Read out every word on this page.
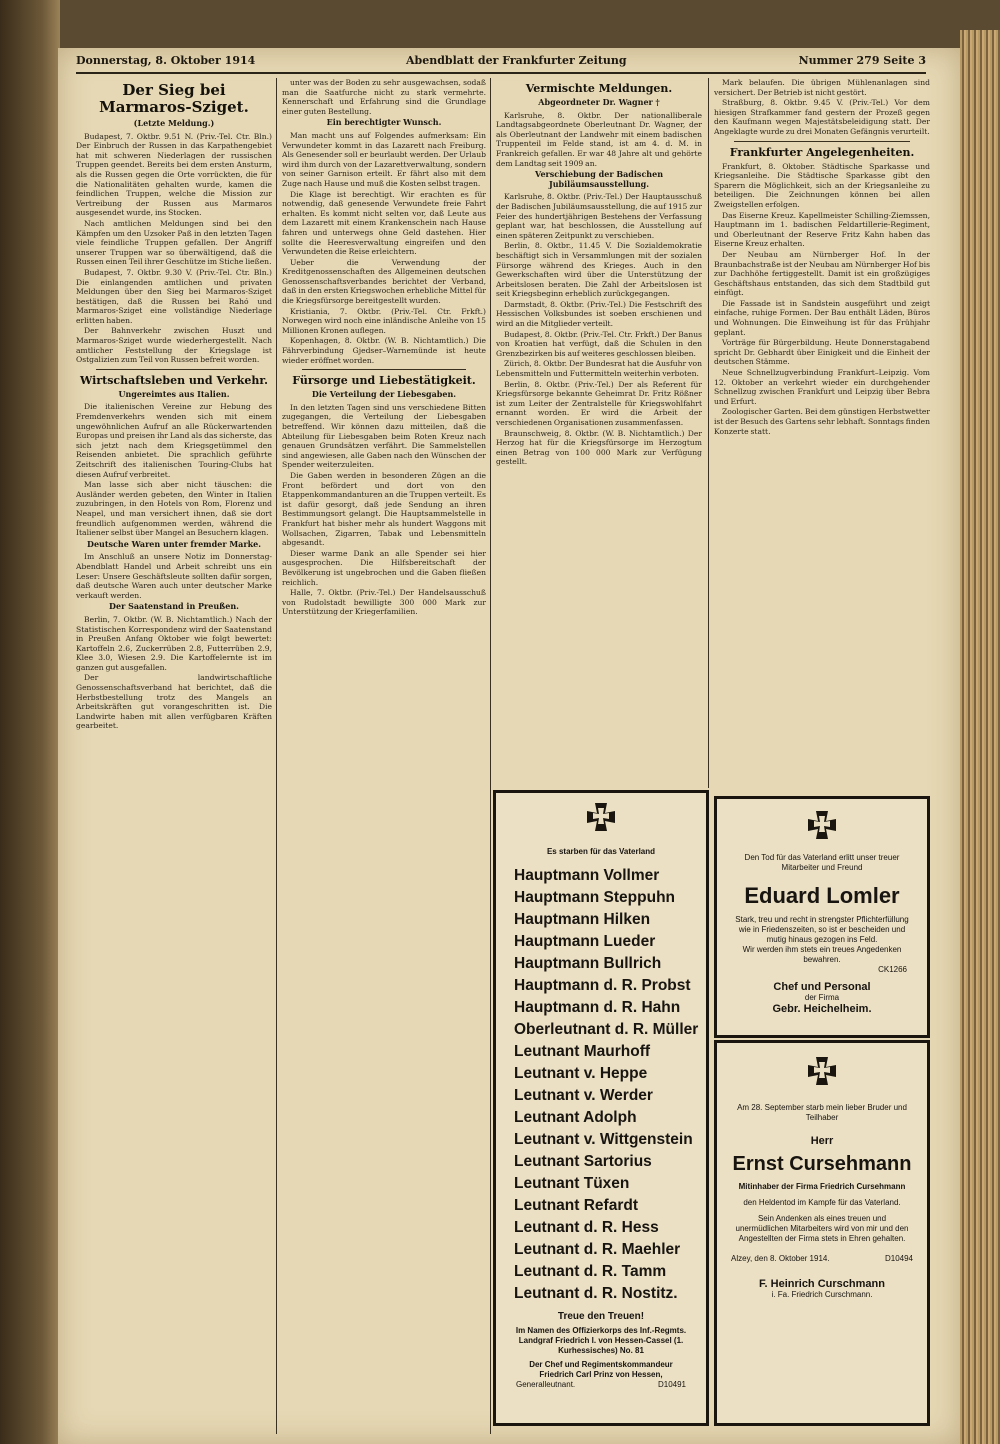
Donnerstag, 8. Oktober 1914	Abendblatt der Frankfurter Zeitung	Nummer 279 Seite 3
Der Sieg bei Marmaros-Sziget.
(Letzte Meldung.)

Budapest, 7. Oktbr. 9.51 N. (Priv.-Tel. Ctr. Bln.) Der Einbruch der Russen in das Karpathengebiet hat mit schweren Niederlagen der russischen Truppen geendet. Bereits bei dem ersten Ansturm, als die Russen gegen die Orte vorrückten, die für die Nationalitäten gehalten wurde, kamen die feindlichen Truppen, welche die Mission zur Vertreibung der Russen aus Marmaros ausgesendet wurde, ins Stocken.

Nach amtlichen Meldungen sind bei den Kämpfen um den Uzsoker Paß in den letzten Tagen viele feindliche Truppen gefallen. Der Angriff unserer Truppen war so überwältigend, daß die Russen einen Teil ihrer Geschütze im Stiche ließen.

Budapest, 7. Oktbr. 9.30 V. (Priv.-Tel. Ctr. Bln.) Die einlangenden amtlichen und privaten Meldungen über den Sieg bei Marmaros-Sziget bestätigen, daß die Russen bei Rahó und Marmaros-Sziget eine vollständige Niederlage erlitten haben.

Der Bahnverkehr zwischen Huszt und Marmaros-Sziget wurde wiederhergestellt. Nach amtlicher Feststellung der Kriegslage ist Ostgalizien zum Teil von Russen befreit worden.

Wirtschaftsleben und Verkehr.
Ungereimtes aus Italien.

Die italienischen Vereine zur Hebung des Fremdenverkehrs wenden sich mit einem ungewöhnlichen Aufruf an alle Rückerwartenden Europas und preisen ihr Land als das sicherste, das sich jetzt nach dem Kriegsgetümmel den Reisenden anbietet. Die sprachlich geführte Zeitschrift des italienischen Touring-Clubs hat diesen Aufruf verbreitet.

Man lasse sich aber nicht täuschen: die Ausländer werden gebeten, den Winter in Italien zuzubringen, in den Hotels von Rom, Florenz und Neapel, und man versichert ihnen, daß sie dort freundlich aufgenommen werden, während die Italiener selbst über Mangel an Besuchern klagen.

Deutsche Waren unter fremder Marke.

Im Anschluß an unsere Notiz im Donnerstag-Abendblatt Handel und Arbeit schreibt uns ein Leser: Unsere Geschäftsleute sollten dafür sorgen, daß deutsche Waren auch unter deutscher Marke verkauft werden.

Der Saatenstand in Preußen.

Berlin, 7. Oktbr. (W. B. Nichtamtlich.) Nach der Statistischen Korrespondenz wird der Saatenstand in Preußen Anfang Oktober wie folgt bewertet: Kartoffeln 2.6, Zuckerrüben 2.8, Futterrüben 2.9, Klee 3.0, Wiesen 2.9. Die Kartoffelernte ist im ganzen gut ausgefallen.

Der landwirtschaftliche Genossenschaftsverband hat berichtet, daß die Herbstbestellung trotz des Mangels an Arbeitskräften gut vorangeschritten ist. Die Landwirte haben mit allen verfügbaren Kräften gearbeitet.

unter was der Boden zu sehr ausgewachsen, sodaß man die Saatfurche nicht zu stark vermehrte. Kennerschaft und Erfahrung sind die Grundlage einer guten Bestellung.

Ein berechtigter Wunsch.

Man macht uns auf Folgendes aufmerksam: Ein Verwundeter kommt in das Lazarett nach Freiburg. Als Genesender soll er beurlaubt werden. Der Urlaub wird ihm durch von der Lazarettverwaltung, sondern von seiner Garnison erteilt. Er fährt also mit dem Zuge nach Hause und muß die Kosten selbst tragen.

Die Klage ist berechtigt. Wir erachten es für notwendig, daß genesende Verwundete freie Fahrt erhalten. Es kommt nicht selten vor, daß Leute aus dem Lazarett mit einem Krankenschein nach Hause fahren und unterwegs ohne Geld dastehen. Hier sollte die Heeresverwaltung eingreifen und den Verwundeten die Reise erleichtern.

Ueber die Verwendung der Kreditgenossenschaften des Allgemeinen deutschen Genossenschaftsverbandes berichtet der Verband, daß in den ersten Kriegswochen erhebliche Mittel für die Kriegsfürsorge bereitgestellt wurden.

Kristiania, 7. Oktbr. (Priv.-Tel. Ctr. Frkft.) Norwegen wird noch eine inländische Anleihe von 15 Millionen Kronen auflegen.

Kopenhagen, 8. Oktbr. (W. B. Nichtamtlich.) Die Fährverbindung Gjedser–Warnemünde ist heute wieder eröffnet worden.

Fürsorge und Liebestätigkeit.
Die Verteilung der Liebesgaben.

In den letzten Tagen sind uns verschiedene Bitten zugegangen, die Verteilung der Liebesgaben betreffend. Wir können dazu mitteilen, daß die Abteilung für Liebesgaben beim Roten Kreuz nach genauen Grundsätzen verfährt. Die Sammelstellen sind angewiesen, alle Gaben nach den Wünschen der Spender weiterzuleiten.

Die Gaben werden in besonderen Zügen an die Front befördert und dort von den Etappenkommandanturen an die Truppen verteilt. Es ist dafür gesorgt, daß jede Sendung an ihren Bestimmungsort gelangt. Die Hauptsammelstelle in Frankfurt hat bisher mehr als hundert Waggons mit Wollsachen, Zigarren, Tabak und Lebensmitteln abgesandt.

Dieser warme Dank an alle Spender sei hier ausgesprochen. Die Hilfsbereitschaft der Bevölkerung ist ungebrochen und die Gaben fließen reichlich.

Halle, 7. Oktbr. (Priv.-Tel.) Der Handelsausschuß von Rudolstadt bewilligte 300 000 Mark zur Unterstützung der Kriegerfamilien.

Vermischte Meldungen.
Abgeordneter Dr. Wagner †

Karlsruhe, 8. Oktbr. Der nationalliberale Landtagsabgeordnete Oberleutnant Dr. Wagner, der als Oberleutnant der Landwehr mit einem badischen Truppenteil im Felde stand, ist am 4. d. M. in Frankreich gefallen. Er war 48 Jahre alt und gehörte dem Landtag seit 1909 an.

Verschiebung der Badischen Jubiläumsausstellung.

Karlsruhe, 8. Oktbr. (Priv.-Tel.) Der Hauptausschuß der Badischen Jubiläumsausstellung, die auf 1915 zur Feier des hundertjährigen Bestehens der Verfassung geplant war, hat beschlossen, die Ausstellung auf einen späteren Zeitpunkt zu verschieben.

Berlin, 8. Oktbr., 11.45 V. Die Sozialdemokratie beschäftigt sich in Versammlungen mit der sozialen Fürsorge während des Krieges. Auch in den Gewerkschaften wird über die Unterstützung der Arbeitslosen beraten. Die Zahl der Arbeitslosen ist seit Kriegsbeginn erheblich zurückgegangen.

Darmstadt, 8. Oktbr. (Priv.-Tel.) Die Festschrift des Hessischen Volksbundes ist soeben erschienen und wird an die Mitglieder verteilt.

Budapest, 8. Oktbr. (Priv.-Tel. Ctr. Frkft.) Der Banus von Kroatien hat verfügt, daß die Schulen in den Grenzbezirken bis auf weiteres geschlossen bleiben.

Zürich, 8. Oktbr. Der Bundesrat hat die Ausfuhr von Lebensmitteln und Futtermitteln weiterhin verboten.

Berlin, 8. Oktbr. (Priv.-Tel.) Der als Referent für Kriegsfürsorge bekannte Geheimrat Dr. Fritz Rößner ist zum Leiter der Zentralstelle für Kriegswohlfahrt ernannt worden. Er wird die Arbeit der verschiedenen Organisationen zusammenfassen.

Braunschweig, 8. Oktbr. (W. B. Nichtamtlich.) Der Herzog hat für die Kriegsfürsorge im Herzogtum einen Betrag von 100 000 Mark zur Verfügung gestellt.

Mark belaufen. Die übrigen Mühlenanlagen sind versichert. Der Betrieb ist nicht gestört.

Straßburg, 8. Oktbr. 9.45 V. (Priv.-Tel.) Vor dem hiesigen Strafkammer fand gestern der Prozeß gegen den Kaufmann wegen Majestätsbeleidigung statt. Der Angeklagte wurde zu drei Monaten Gefängnis verurteilt.

Frankfurter Angelegenheiten.

Frankfurt, 8. Oktober. Städtische Sparkasse und Kriegsanleihe. Die Städtische Sparkasse gibt den Sparern die Möglichkeit, sich an der Kriegsanleihe zu beteiligen. Die Zeichnungen können bei allen Zweigstellen erfolgen.

Das Eiserne Kreuz. Kapellmeister Schilling-Ziemssen, Hauptmann im 1. badischen Feldartillerie-Regiment, und Oberleutnant der Reserve Fritz Kahn haben das Eiserne Kreuz erhalten.

Der Neubau am Nürnberger Hof. In der Braunbachstraße ist der Neubau am Nürnberger Hof bis zur Dachhöhe fertiggestellt. Damit ist ein großzügiges Geschäftshaus entstanden, das sich dem Stadtbild gut einfügt.

Die Fassade ist in Sandstein ausgeführt und zeigt einfache, ruhige Formen. Der Bau enthält Läden, Büros und Wohnungen. Die Einweihung ist für das Frühjahr geplant.

Vorträge für Bürgerbildung. Heute Donnerstagabend spricht Dr. Gebhardt über Einigkeit und die Einheit der deutschen Stämme.

Neue Schnellzugverbindung Frankfurt–Leipzig. Vom 12. Oktober an verkehrt wieder ein durchgehender Schnellzug zwischen Frankfurt und Leipzig über Bebra und Erfurt.

Zoologischer Garten. Bei dem günstigen Herbstwetter ist der Besuch des Gartens sehr lebhaft. Sonntags finden Konzerte statt.

Es starben für das Vaterland
Hauptmann Vollmer
Hauptmann Steppuhn
Hauptmann Hilken
Hauptmann Lueder
Hauptmann Bullrich
Hauptmann d. R. Probst
Hauptmann d. R. Hahn
Oberleutnant d. R. Müller
Leutnant Maurhoff
Leutnant v. Heppe
Leutnant v. Werder
Leutnant Adolph
Leutnant v. Wittgenstein
Leutnant Sartorius
Leutnant Tüxen
Leutnant Refardt
Leutnant d. R. Hess
Leutnant d. R. Maehler
Leutnant d. R. Tamm
Leutnant d. R. Nostitz.
Treue den Treuen!
Im Namen des Offizierkorps des Inf.-Regmts. Landgraf Friedrich I. von Hessen-Cassel (1. Kurhessisches) No. 81
Der Chef und Regimentskommandeur
Friedrich Carl Prinz von Hessen,
Generalleutnant.	D10491
Den Tod für das Vaterland erlitt unser treuer Mitarbeiter und Freund
Eduard Lomler
Stark, treu und recht in strengster Pflichterfüllung wie in Friedenszeiten, so ist er bescheiden und mutig hinaus gezogen ins Feld.
Wir werden ihm stets ein treues Angedenken bewahren.
CK1266
Chef und Personal
der Firma
Gebr. Heichelheim.
Am 28. September starb mein lieber Bruder und Teilhaber
Herr
Ernst Cursehmann
Mitinhaber der Firma Friedrich Cursehmann
den Heldentod im Kampfe für das Vaterland.
Sein Andenken als eines treuen und unermüdlichen Mitarbeiters wird von mir und den Angestellten der Firma stets in Ehren gehalten.
Alzey, den 8. Oktober 1914.	D10494
F. Heinrich Curschmann
i. Fa. Friedrich Curschmann.
